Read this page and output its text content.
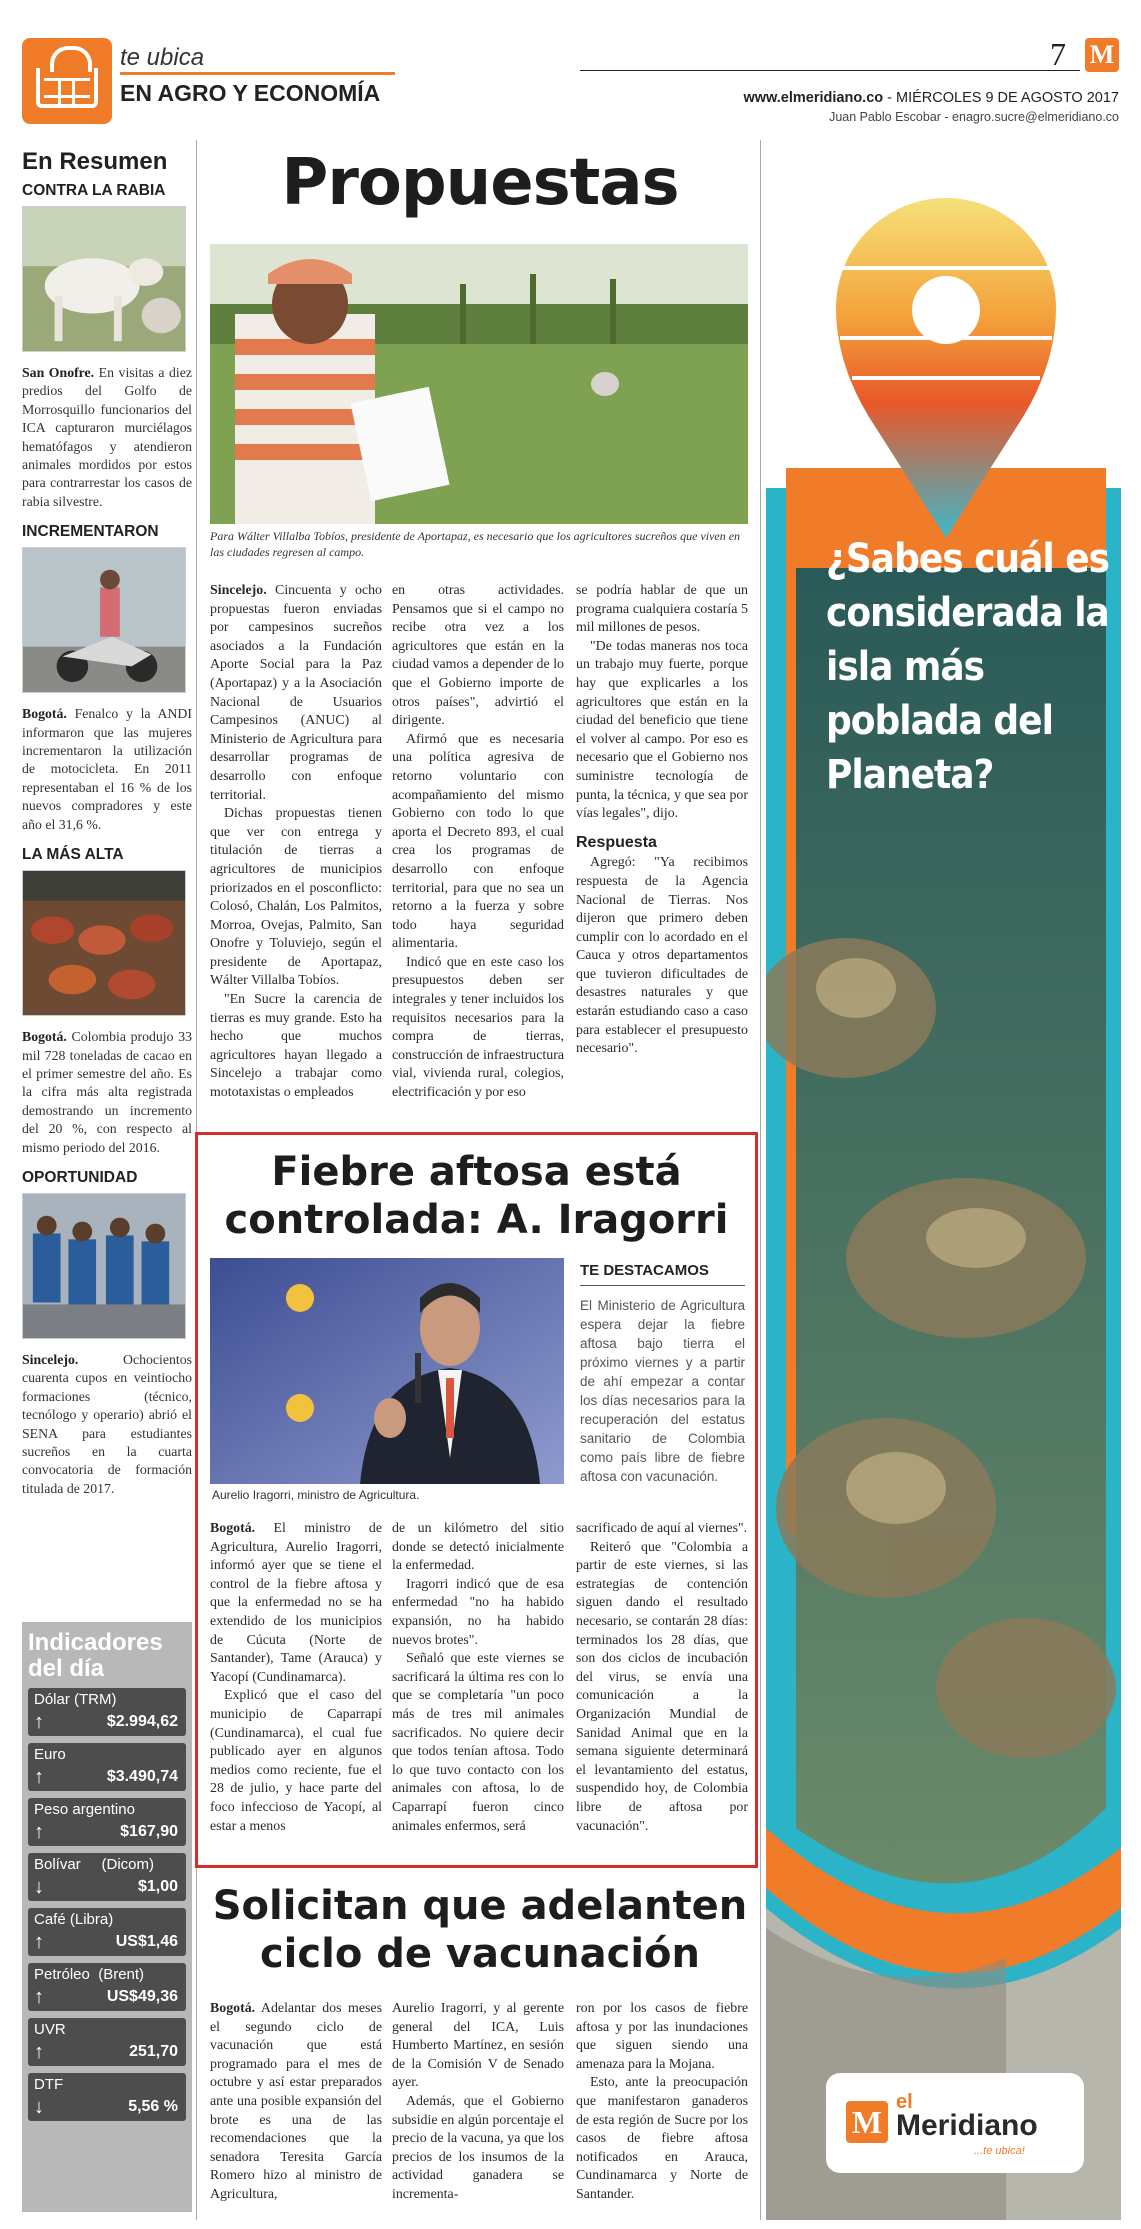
te ubica
EN AGRO Y ECONOMÍA
7 M
www.elmeridiano.co - MIÉRCOLES 9 DE AGOSTO 2017
Juan Pablo Escobar - enagro.sucre@elmeridiano.co
En Resumen
CONTRA LA RABIA
San Onofre. En visitas a diez predios del Golfo de Morrosquillo funcionarios del ICA capturaron murciélagos hematófagos y atendieron animales mordidos por estos para contrarrestar los casos de rabia silvestre.
INCREMENTARON
Bogotá. Fenalco y la ANDI informaron que las mujeres incrementaron la utilización de motocicleta. En 2011 representaban el 16 % de los nuevos compradores y este año el 31,6 %.
LA MÁS ALTA
Bogotá. Colombia produjo 33 mil 728 toneladas de cacao en el primer semestre del año. Es la cifra más alta registrada demostrando un incremento del 20 %, con respecto al mismo periodo del 2016.
OPORTUNIDAD
Sincelejo. Ochocientos cuarenta cupos en veintiocho formaciones (técnico, tecnólogo y operario) abrió el SENA para estudiantes sucreños en la cuarta convocatoria de formación titulada de 2017.
Indicadores
del día
Dólar (TRM)
↑	$2.994,62
Euro
↑	$3.490,74
Peso argentino
↑	$167,90
Bolívar     (Dicom)
↓	$1,00
Café (Libra)
↑	US$1,46
Petróleo  (Brent)
↑	US$49,36
UVR
↑	251,70
DTF
↓	5,56 %
Propuestas
Para Wálter Villalba Tobíos, presidente de Aportapaz, es necesario que los agricultores sucreños que viven en las ciudades regresen al campo.

Sincelejo. Cincuenta y ocho propuestas fueron enviadas por campesinos sucreños asociados a la Fundación Aporte Social para la Paz (Aportapaz) y a la Asociación Nacional de Usuarios Campesinos (ANUC) al Ministerio de Agricultura para desarrollar programas de desarrollo con enfoque territorial.

Dichas propuestas tienen que ver con entrega y titulación de tierras a agricultores de municipios priorizados en el posconflicto: Colosó, Chalán, Los Palmitos, Morroa, Ovejas, Palmito, San Onofre y Toluviejo, según el presidente de Aportapaz, Wálter Villalba Tobíos.

"En Sucre la carencia de tierras es muy grande. Esto ha hecho que muchos agricultores hayan llegado a Sincelejo a trabajar como mototaxistas o empleados

en otras actividades. Pensamos que si el campo no recibe otra vez a los agricultores que están en la ciudad vamos a depender de lo que el Gobierno importe de otros países", advirtió el dirigente.

Afirmó que es necesaria una política agresiva de retorno voluntario con acompañamiento del mismo Gobierno con todo lo que aporta el Decreto 893, el cual crea los programas de desarrollo con enfoque territorial, para que no sea un retorno a la fuerza y sobre todo haya seguridad alimentaria.

Indicó que en este caso los presupuestos deben ser integrales y tener incluidos los requisitos necesarios para la compra de tierras, construcción de infraestructura vial, vivienda rural, colegios, electrificación y por eso

se podría hablar de que un programa cualquiera costaría 5 mil millones de pesos.

"De todas maneras nos toca un trabajo muy fuerte, porque hay que explicarles a los agricultores que están en la ciudad del beneficio que tiene el volver al campo. Por eso es necesario que el Gobierno nos suministre tecnología de punta, la técnica, y que sea por vías legales", dijo.

Respuesta

Agregó: "Ya recibimos respuesta de la Agencia Nacional de Tierras. Nos dijeron que primero deben cumplir con lo acordado en el Cauca y otros departamentos que tuvieron dificultades de desastres naturales y que estarán estudiando caso a caso para establecer el presupuesto necesario".

Fiebre aftosa está controlada: A. Iragorri
Aurelio Iragorri, ministro de Agricultura.
TE DESTACAMOS
El Ministerio de Agricultura espera dejar la fiebre aftosa bajo tierra el próximo viernes y a partir de ahí empezar a contar los días necesarios para la recuperación del estatus sanitario de Colombia como país libre de fiebre aftosa con vacunación.

Bogotá. El ministro de Agricultura, Aurelio Iragorri, informó ayer que se tiene el control de la fiebre aftosa y que la enfermedad no se ha extendido de los municipios de Cúcuta (Norte de Santander), Tame (Arauca) y Yacopí (Cundinamarca).

Explicó que el caso del municipio de Caparrapí (Cundinamarca), el cual fue publicado ayer en algunos medios como reciente, fue el 28 de julio, y hace parte del foco infeccioso de Yacopí, al estar a menos

de un kilómetro del sitio donde se detectó inicialmente la enfermedad.

Iragorri indicó que de esa enfermedad "no ha habido expansión, no ha habido nuevos brotes".

Señaló que este viernes se sacrificará la última res con lo que se completaría "un poco más de tres mil animales sacrificados. No quiere decir que todos tenían aftosa. Todo lo que tuvo contacto con los animales con aftosa, lo de Caparrapí fueron cinco animales enfermos, será

sacrificado de aquí al viernes".

Reiteró que "Colombia a partir de este viernes, si las estrategias de contención siguen dando el resultado necesario, se contarán 28 días: terminados los 28 días, que son dos ciclos de incubación del virus, se envía una comunicación a la Organización Mundial de Sanidad Animal que en la semana siguiente determinará el levantamiento del estatus, suspendido hoy, de Colombia libre de aftosa por vacunación".

Solicitan que adelanten ciclo de vacunación

Bogotá. Adelantar dos meses el segundo ciclo de vacunación que está programado para el mes de octubre y así estar preparados ante una posible expansión del brote es una de las recomendaciones que la senadora Teresita García Romero hizo al ministro de Agricultura,

Aurelio Iragorri, y al gerente general del ICA, Luis Humberto Martínez, en sesión de la Comisión V de Senado ayer.

Además, que el Gobierno subsidie en algún porcentaje el precio de la vacuna, ya que los precios de los insumos de la actividad ganadera se incrementa-

ron por los casos de fiebre aftosa y por las inundaciones que siguen siendo una amenaza para la Mojana.

Esto, ante la preocupación que manifestaron ganaderos de esta región de Sucre por los casos de fiebre aftosa notificados en Arauca, Cundinamarca y Norte de Santander.

¿Sabes cuál es considerada la isla más poblada del Planeta?
M
el
Meridiano
...te ubica!
